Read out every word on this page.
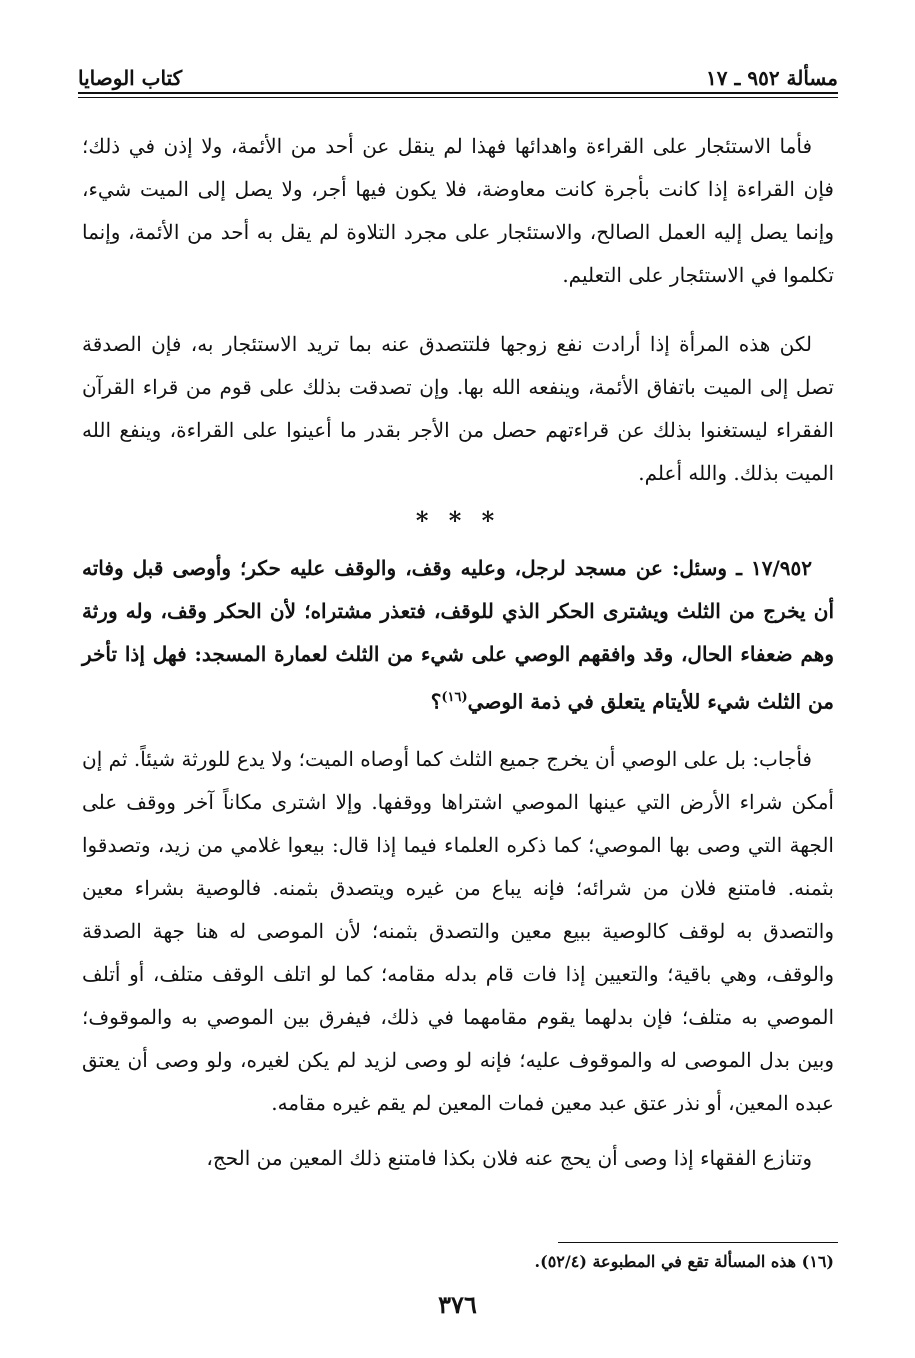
مسألة ٩٥٢ ـ ١٧
كتاب الوصايا

فأما الاستئجار على القراءة واهدائها فهذا لم ينقل عن أحد من الأئمة، ولا إذن في ذلك؛ فإن القراءة إذا كانت بأجرة كانت معاوضة، فلا يكون فيها أجر، ولا يصل إلى الميت شيء، وإنما يصل إليه العمل الصالح، والاستئجار على مجرد التلاوة لم يقل به أحد من الأئمة، وإنما تكلموا في الاستئجار على التعليم.

لكن هذه المرأة إذا أرادت نفع زوجها فلتتصدق عنه بما تريد الاستئجار به، فإن الصدقة تصل إلى الميت باتفاق الأئمة، وينفعه الله بها. وإن تصدقت بذلك على قوم من قراء القرآن الفقراء ليستغنوا بذلك عن قراءتهم حصل من الأجر بقدر ما أعينوا على القراءة، وينفع الله الميت بذلك. والله أعلم.

* * *

١٧/٩٥٢ ـ وسئل: عن مسجد لرجل، وعليه وقف، والوقف عليه حكر؛ وأوصى قبل وفاته أن يخرج من الثلث ويشترى الحكر الذي للوقف، فتعذر مشتراه؛ لأن الحكر وقف، وله ورثة وهم ضعفاء الحال، وقد وافقهم الوصي على شيء من الثلث لعمارة المسجد: فهل إذا تأخر من الثلث شيء للأيتام يتعلق في ذمة الوصي$^{(١٦)}$؟

فأجاب: بل على الوصي أن يخرج جميع الثلث كما أوصاه الميت؛ ولا يدع للورثة شيئاً. ثم إن أمكن شراء الأرض التي عينها الموصي اشتراها ووقفها. وإلا اشترى مكاناً آخر ووقف على الجهة التي وصى بها الموصي؛ كما ذكره العلماء فيما إذا قال: بيعوا غلامي من زيد، وتصدقوا بثمنه. فامتنع فلان من شرائه؛ فإنه يباع من غيره ويتصدق بثمنه. فالوصية بشراء معين والتصدق به لوقف كالوصية ببيع معين والتصدق بثمنه؛ لأن الموصى له هنا جهة الصدقة والوقف، وهي باقية؛ والتعيين إذا فات قام بدله مقامه؛ كما لو اتلف الوقف متلف، أو أتلف الموصي به متلف؛ فإن بدلهما يقوم مقامهما في ذلك، فيفرق بين الموصي به والموقوف؛ وبين بدل الموصى له والموقوف عليه؛ فإنه لو وصى لزيد لم يكن لغيره، ولو وصى أن يعتق عبده المعين، أو نذر عتق عبد معين فمات المعين لم يقم غيره مقامه.

وتنازع الفقهاء إذا وصى أن يحج عنه فلان بكذا فامتنع ذلك المعين من الحج،

(١٦) هذه المسألة تقع في المطبوعة (٥٢/٤).
٣٧٦
